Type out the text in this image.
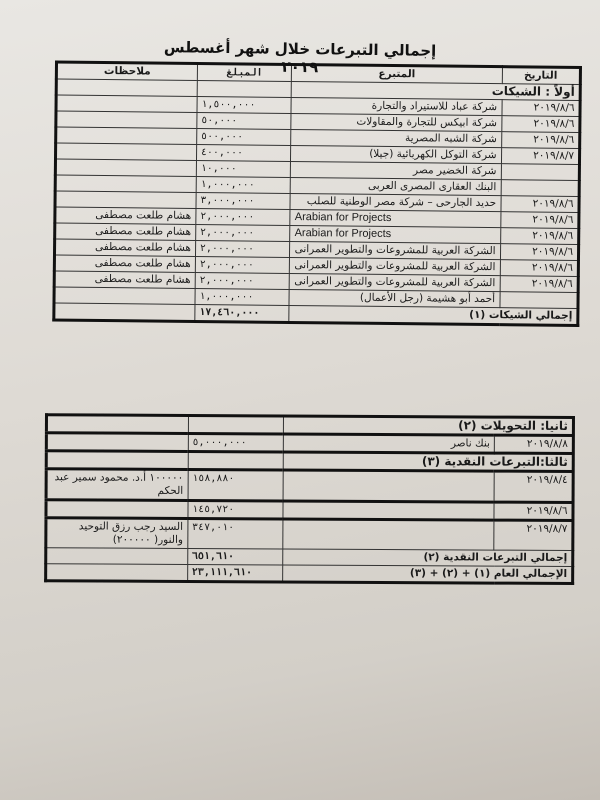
إجمالي التبرعات خلال شهر أغسطس ٢٠١٩	التاريخ	المتبرع	المبلغ	ملاحظات
أولاً : الشيكات			
٢٠١٩/٨/٦	شركة عباد للاستيراد والتجارة	١,٥٠٠,٠٠٠	
٢٠١٩/٨/٦	شركة ابيكس للتجارة والمقاولات	٥٠,٠٠٠	
٢٠١٩/٨/٦	شركة الشبه المصرية	٥٠٠,٠٠٠	
٢٠١٩/٨/٧	شركة التوكل الكهربائية (جيلا)	٤٠٠,٠٠٠	
	شركة الخضير مصر	١٠,٠٠٠	
	البنك العقارى المصرى العربى	١,٠٠٠,٠٠٠	
٢٠١٩/٨/٦	حديد الجارحى – شركة مصر الوطنية للصلب	٣,٠٠٠,٠٠٠	
٢٠١٩/٨/٦	Arabian for Projects	٢,٠٠٠,٠٠٠	هشام طلعت مصطفى
٢٠١٩/٨/٦	Arabian for Projects	٢,٠٠٠,٠٠٠	هشام طلعت مصطفى
٢٠١٩/٨/٦	الشركة العربية للمشروعات والتطوير العمرانى	٢,٠٠٠,٠٠٠	هشام طلعت مصطفى
٢٠١٩/٨/٦	الشركة العربية للمشروعات والتطوير العمرانى	٢,٠٠٠,٠٠٠	هشام طلعت مصطفى
٢٠١٩/٨/٦	الشركة العربية للمشروعات والتطوير العمرانى	٢,٠٠٠,٠٠٠	هشام طلعت مصطفى
	أحمد أبو هشيمة (رجل الأعمال)	١,٠٠٠,٠٠٠	
إجمالي الشيكات (١)		١٧,٤٦٠,٠٠٠	
ثانيا: التحويلات (٢)			
٢٠١٩/٨/٨	بنك ناصر	٥,٠٠٠,٠٠٠	
ثالثا:التبرعات النقدية (٣)			
٢٠١٩/٨/٤		١٥٨,٨٨٠	١٠٠٠٠٠ أ.د. محمود سمير عبد الحكم
٢٠١٩/٨/٦		١٤٥,٧٢٠	
٢٠١٩/٨/٧		٣٤٧,٠١٠	السيد رجب رزق التوحيد والنور( ٢٠٠٠٠٠)
إجمالي التبرعات النقدية (٢)		٦٥١,٦١٠	
الإجمالي العام (١) + (٢) + (٣)		٢٣,١١١,٦١٠	
